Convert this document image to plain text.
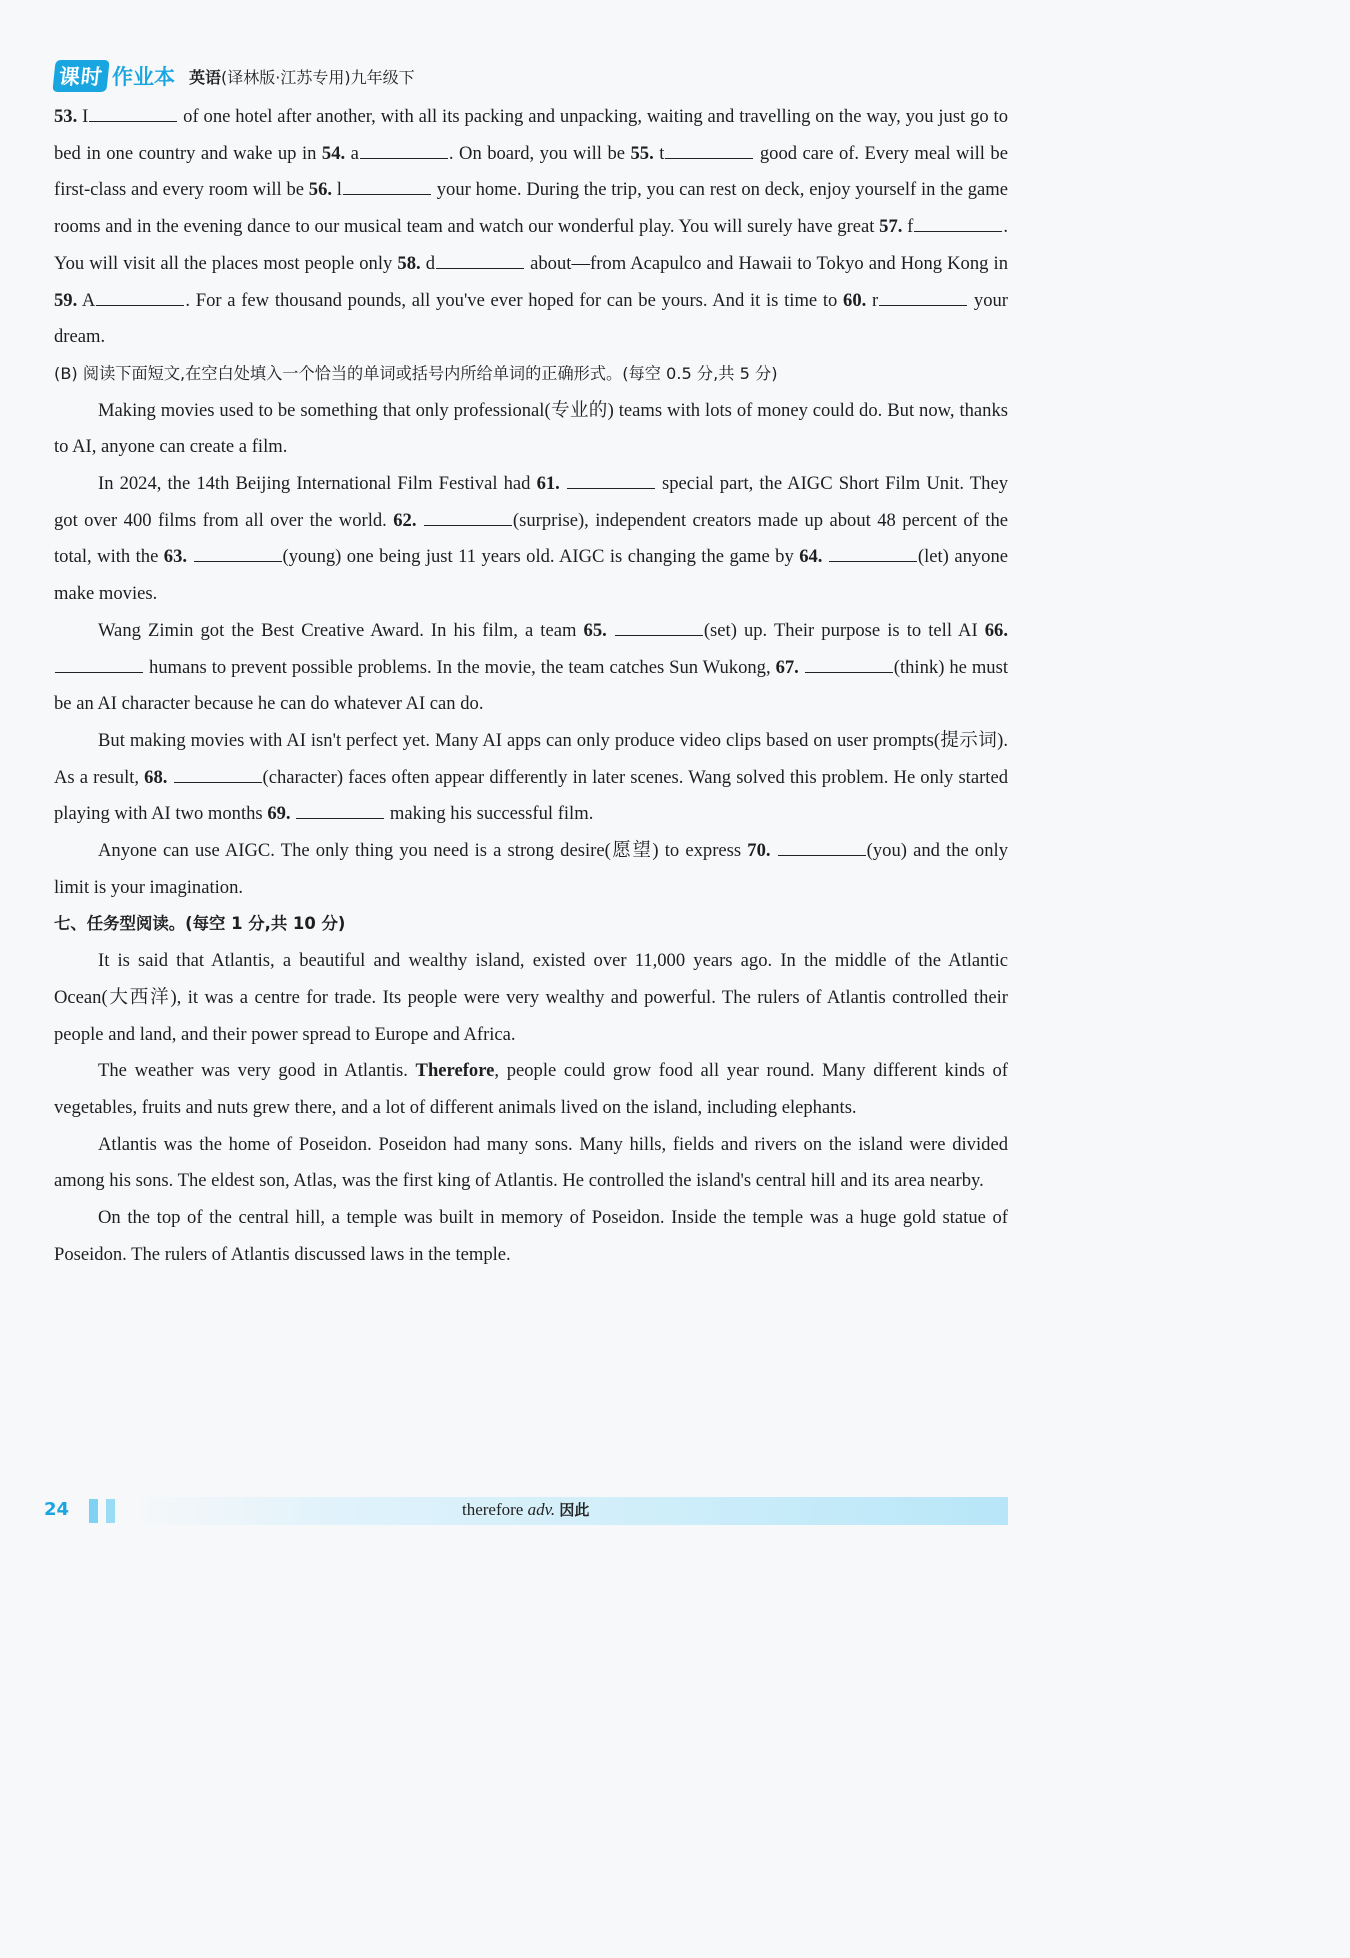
课时 作业本 英语(译林版·江苏专用)九年级下

53. I	of one hotel after another, with all its packing and unpacking, waiting and travelling on the way, you just go to bed in one country and wake up in 54. a	. On board, you will be 55. t	good care of. Every meal will be first-class and every room will be 56. l	your home. During the trip, you can rest on deck, enjoy yourself in the game rooms and in the evening dance to our musical team and watch our wonderful play. You will surely have great 57. f	. You will visit all the places most people only 58. d	about—from Acapulco and Hawaii to Tokyo and Hong Kong in 59. A	. For a few thousand pounds, all you've ever hoped for can be yours. And it is time to 60. r	your dream.

(B) 阅读下面短文,在空白处填入一个恰当的单词或括号内所给单词的正确形式。(每空 0.5 分,共 5 分)

Making movies used to be something that only professional(专业的) teams with lots of money could do. But now, thanks to AI, anyone can create a film.

In 2024, the 14th Beijing International Film Festival had 61.	special part, the AIGC Short Film Unit. They got over 400 films from all over the world. 62.	(surprise), independent creators made up about 48 percent of the total, with the 63.	(young) one being just 11 years old. AIGC is changing the game by 64.	(let) anyone make movies.

Wang Zimin got the Best Creative Award. In his film, a team 65.	(set) up. Their purpose is to tell AI 66.  humans to prevent possible problems. In the movie, the team catches Sun Wukong, 67.	(think) he must be an AI character because he can do whatever AI can do.

But making movies with AI isn't perfect yet. Many AI apps can only produce video clips based on user prompts(提示词). As a result, 68.	(character) faces often appear differently in later scenes. Wang solved this problem. He only started playing with AI two months 69.	making his successful film.

Anyone can use AIGC. The only thing you need is a strong desire(愿望) to express 70.	(you) and the only limit is your imagination.

七、任务型阅读。(每空 1 分,共 10 分)

It is said that Atlantis, a beautiful and wealthy island, existed over 11,000 years ago. In the middle of the Atlantic Ocean(大西洋), it was a centre for trade. Its people were very wealthy and powerful. The rulers of Atlantis controlled their people and land, and their power spread to Europe and Africa.

The weather was very good in Atlantis. Therefore, people could grow food all year round. Many different kinds of vegetables, fruits and nuts grew there, and a lot of different animals lived on the island, including elephants.

Atlantis was the home of Poseidon. Poseidon had many sons. Many hills, fields and rivers on the island were divided among his sons. The eldest son, Atlas, was the first king of Atlantis. He controlled the island's central hill and its area nearby.

On the top of the central hill, a temple was built in memory of Poseidon. Inside the temple was a huge gold statue of Poseidon. The rulers of Atlantis discussed laws in the temple.

24	therefore adv. 因此
